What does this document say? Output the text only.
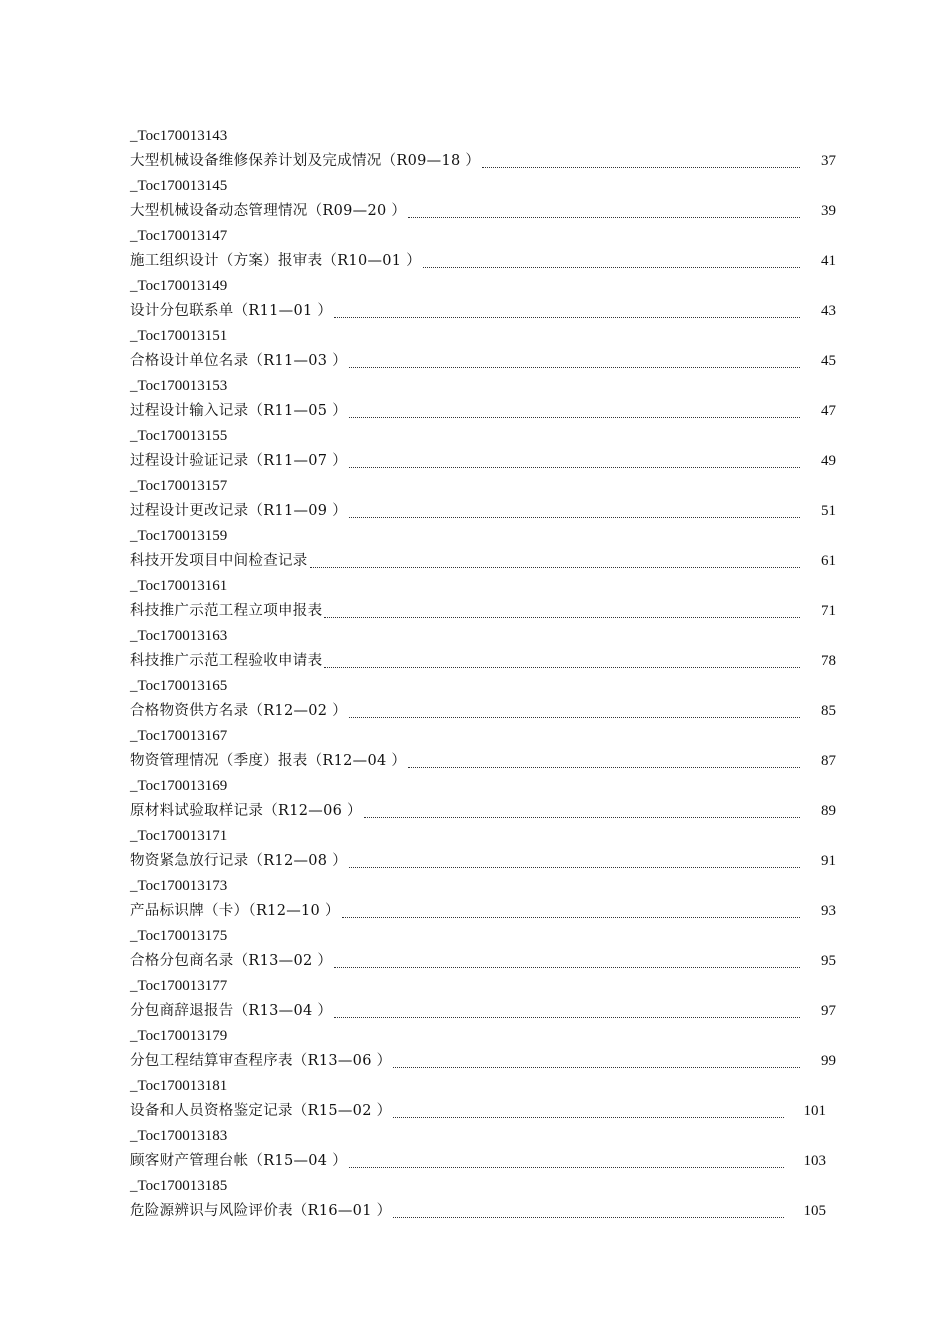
_Toc170013143
大型机械设备维修保养计划及完成情况（R09—18 ）	37
_Toc170013145
大型机械设备动态管理情况（R09—20 ）	39
_Toc170013147
施工组织设计（方案）报审表（R10—01 ）	41
_Toc170013149
设计分包联系单（R11—01 ）	43
_Toc170013151
合格设计单位名录（R11—03 ）	45
_Toc170013153
过程设计输入记录（R11—05 ）	47
_Toc170013155
过程设计验证记录（R11—07 ）	49
_Toc170013157
过程设计更改记录（R11—09 ）	51
_Toc170013159
科技开发项目中间检查记录	61
_Toc170013161
科技推广示范工程立项申报表	71
_Toc170013163
科技推广示范工程验收申请表	78
_Toc170013165
合格物资供方名录（R12—02 ）	85
_Toc170013167
物资管理情况（季度）报表（R12—04 ）	87
_Toc170013169
原材料试验取样记录（R12—06 ）	89
_Toc170013171
物资紧急放行记录（R12—08 ）	91
_Toc170013173
产品标识牌（卡）（R12—10 ）	93
_Toc170013175
合格分包商名录（R13—02 ）	95
_Toc170013177
分包商辞退报告（R13—04 ）	97
_Toc170013179
分包工程结算审查程序表（R13—06 ）	99
_Toc170013181
设备和人员资格鉴定记录（R15—02 ）	101
_Toc170013183
顾客财产管理台帐（R15—04 ）	103
_Toc170013185
危险源辨识与风险评价表（R16—01 ）	105
